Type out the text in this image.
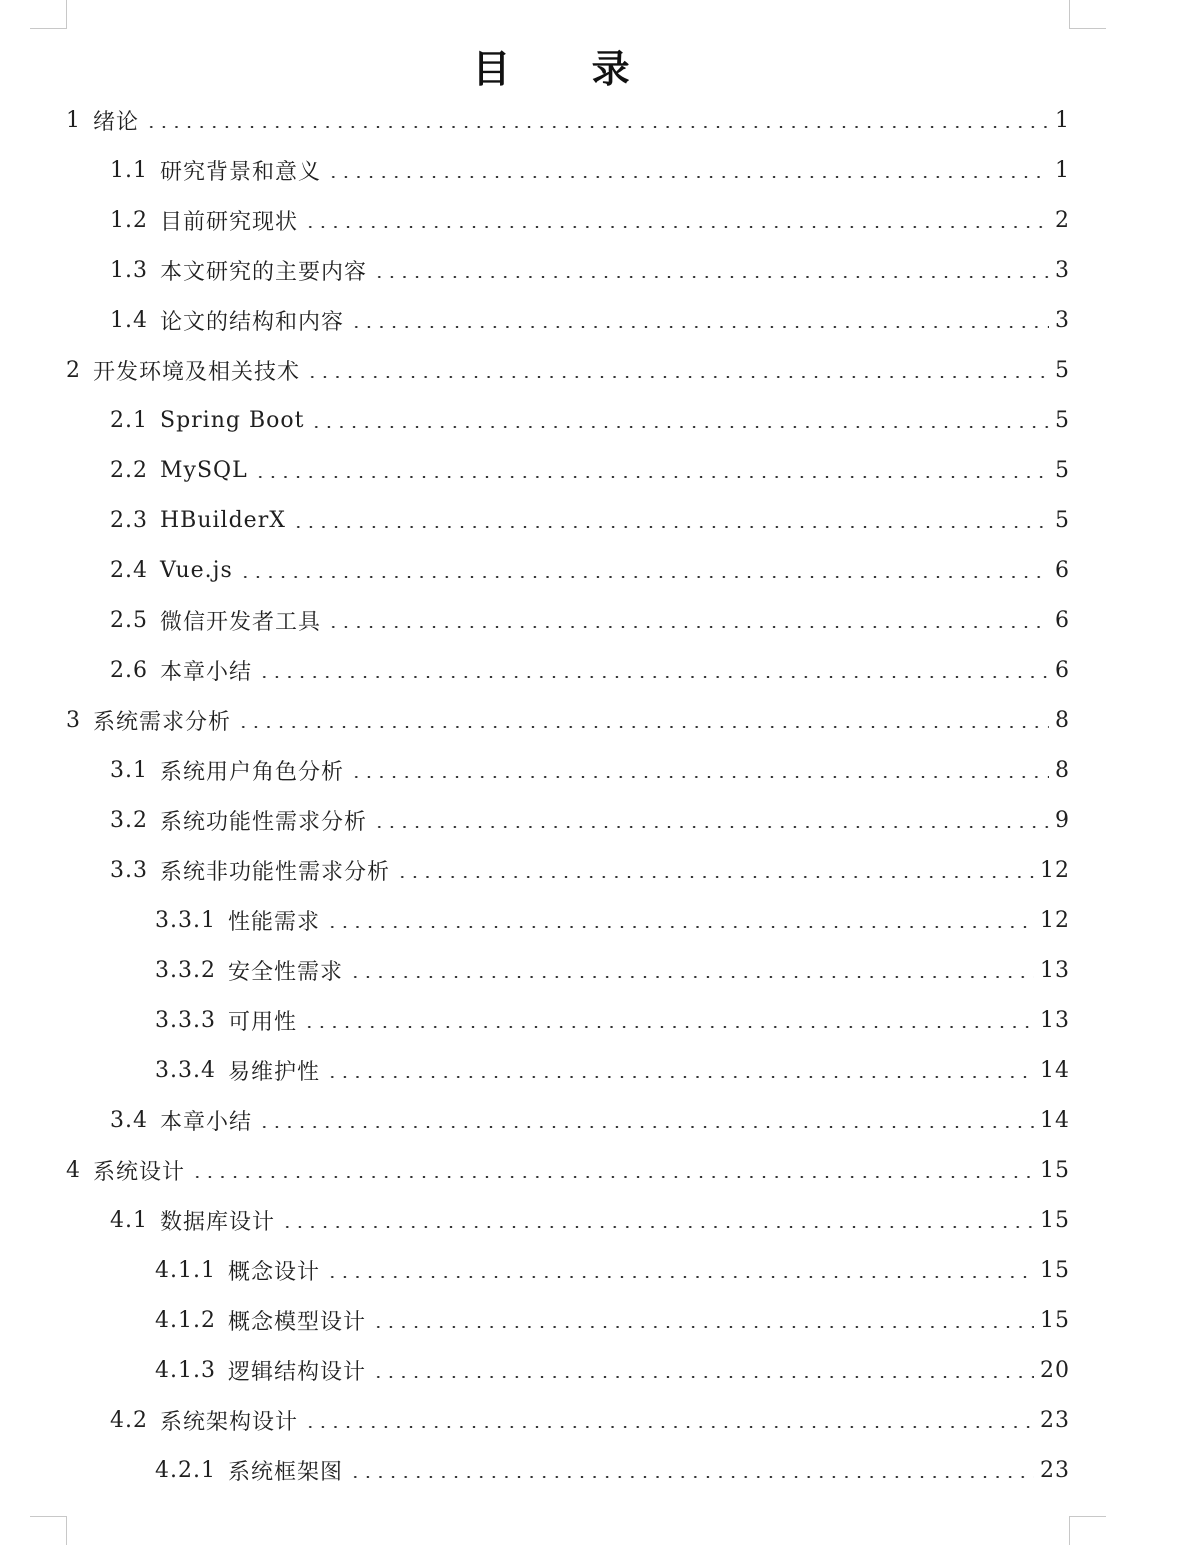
目 录
1 绪论	1
1.1 研究背景和意义	1
1.2 目前研究现状	2
1.3 本文研究的主要内容	3
1.4 论文的结构和内容	3
2 开发环境及相关技术	5
2.1 Spring Boot	5
2.2 MySQL	5
2.3 HBuilderX	5
2.4 Vue.js	6
2.5 微信开发者工具	6
2.6 本章小结	6
3 系统需求分析	8
3.1 系统用户角色分析	8
3.2 系统功能性需求分析	9
3.3 系统非功能性需求分析	12
3.3.1 性能需求	12
3.3.2 安全性需求	13
3.3.3 可用性	13
3.3.4 易维护性	14
3.4 本章小结	14
4 系统设计	15
4.1 数据库设计	15
4.1.1 概念设计	15
4.1.2 概念模型设计	15
4.1.3 逻辑结构设计	20
4.2 系统架构设计	23
4.2.1 系统框架图	23
